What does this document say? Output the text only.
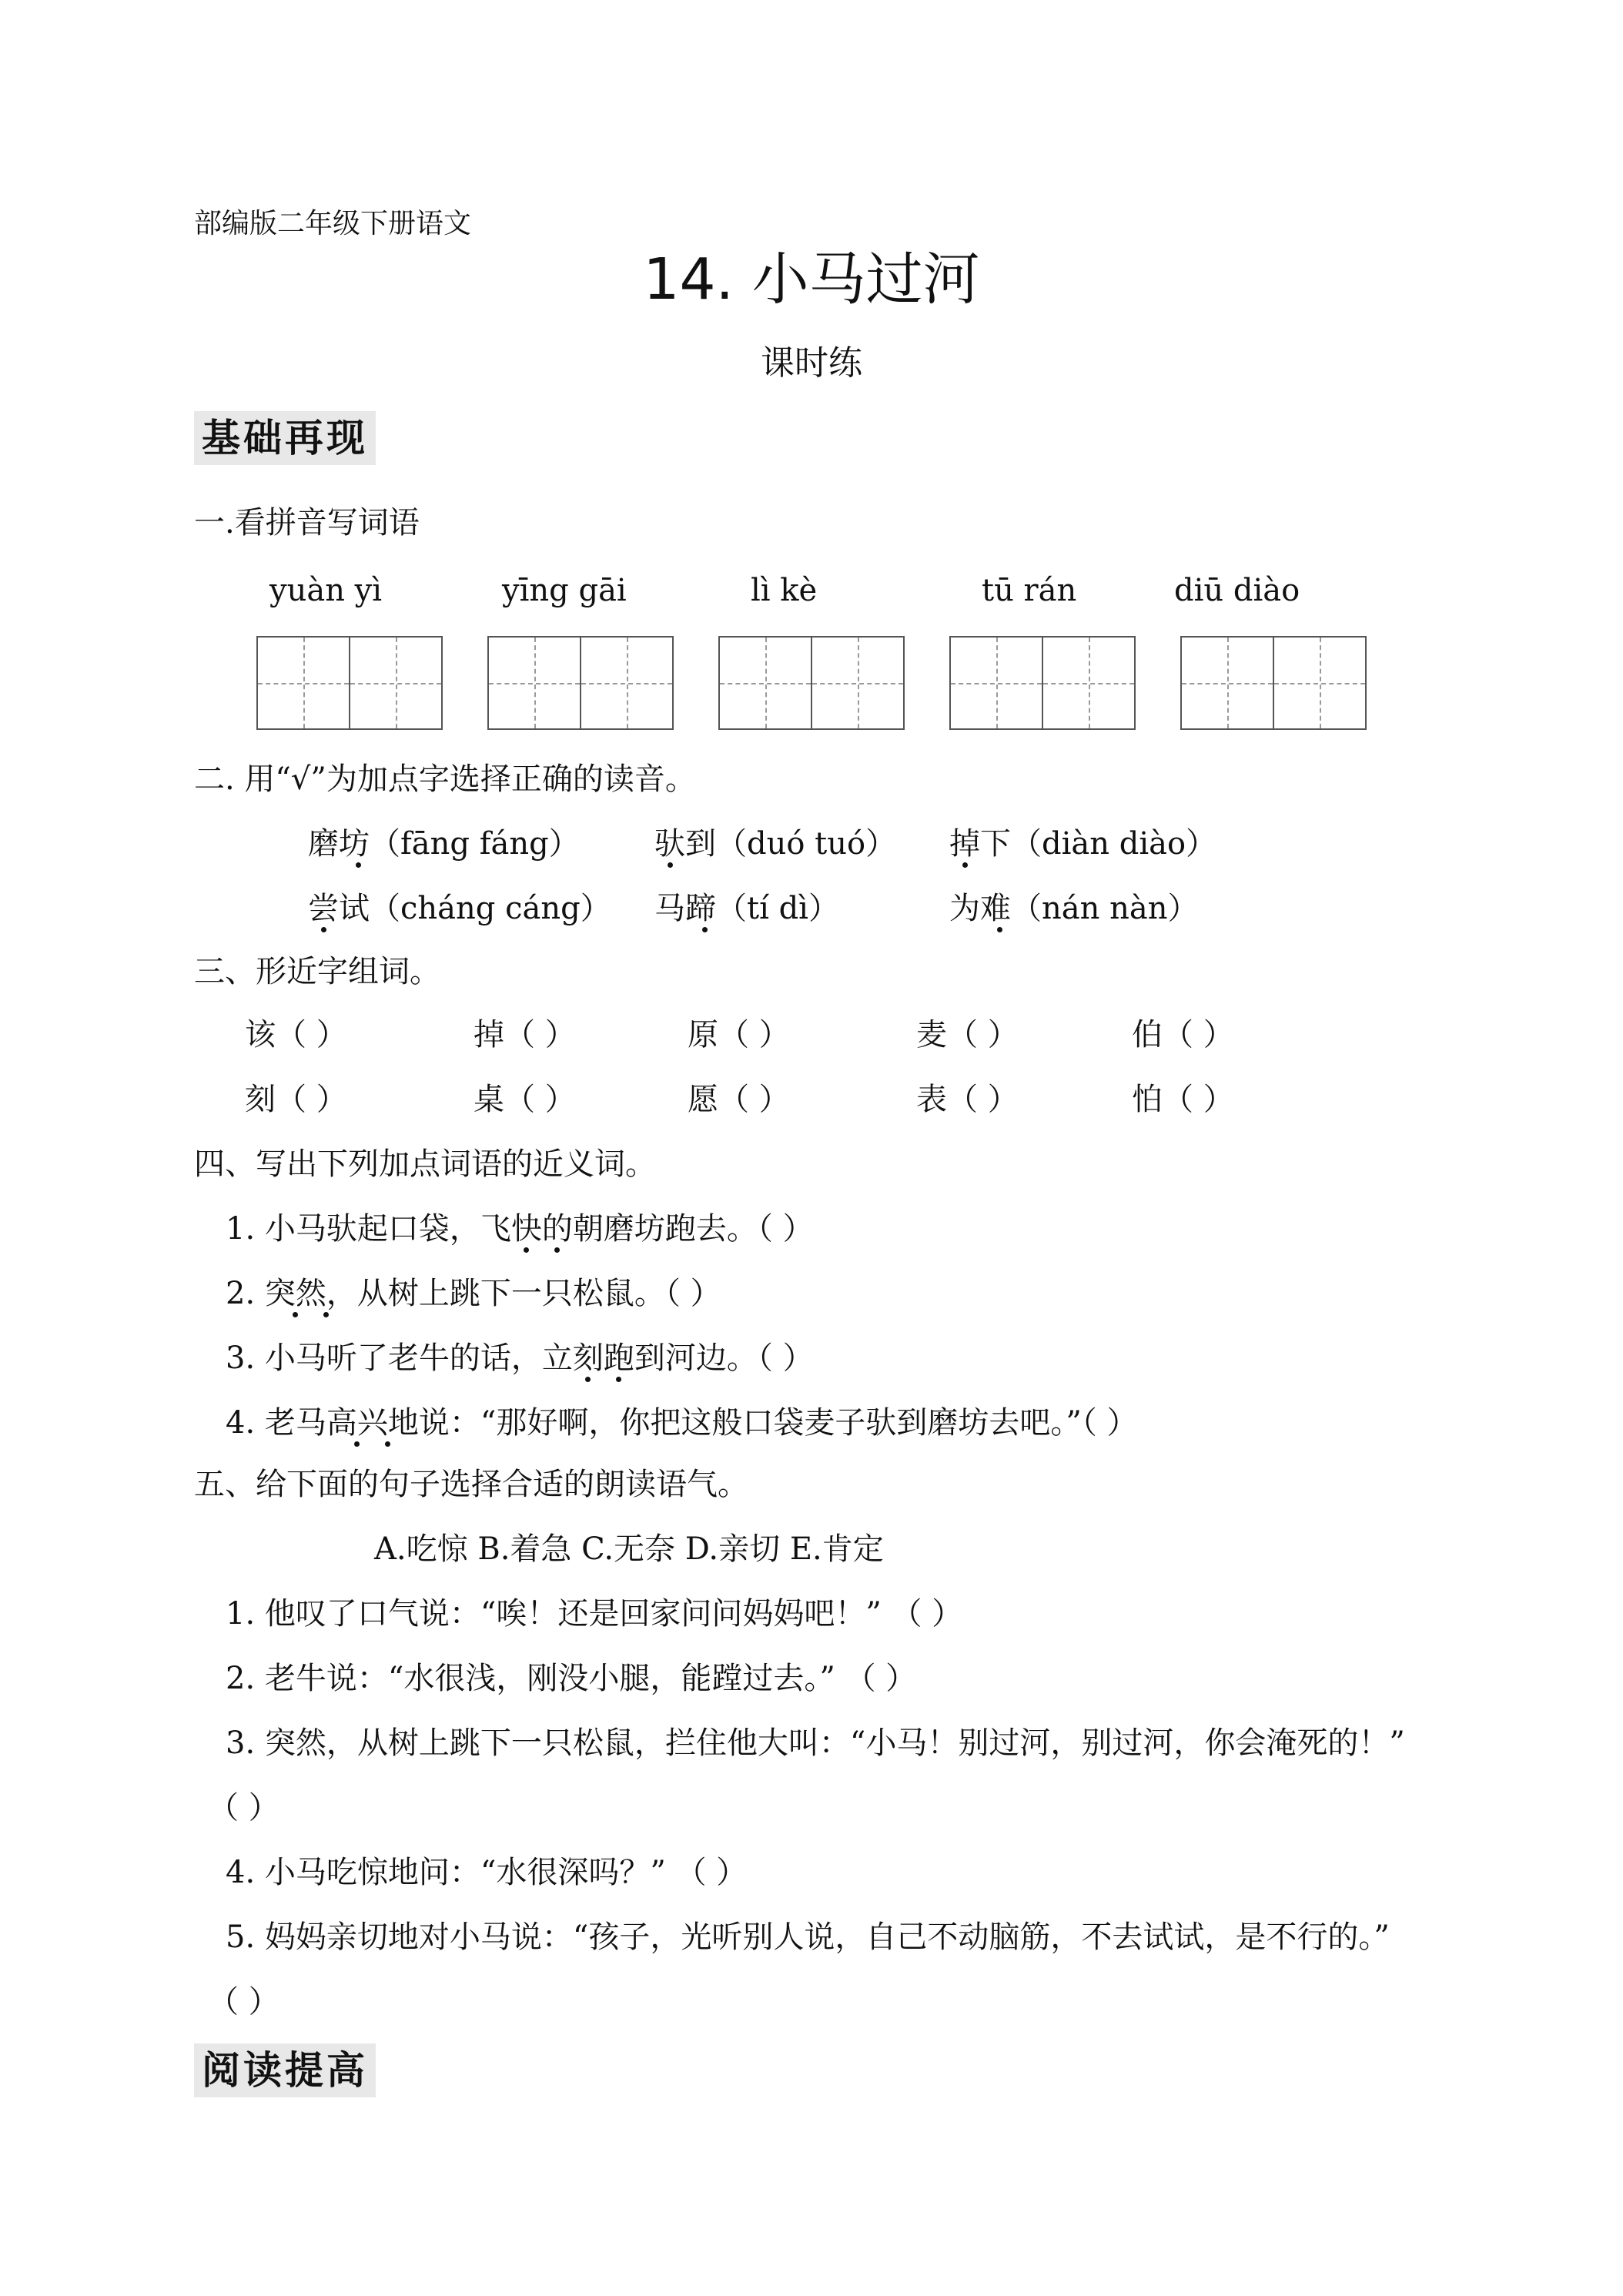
部编版二年级下册语文
14. 小马过河
课时练
基础再现
一.看拼音写词语
yuàn yì	yīng gāi	lì kè	tū rán	diū diào
二. 用“√”为加点字选择正确的读音。
磨坊（fāng fáng） 驮到（duó tuó） 掉下（diàn diào）
尝试（cháng cáng） 马蹄（tí dì）	为难（nán nàn）
三、形近字组词。
该（ ）	掉（ ）	原（ ）	麦（ ）	伯（ ）
刻（ ）	桌（ ）	愿（ ）	表（ ）	怕（ ）
四、写出下列加点词语的近义词。
1. 小马驮起口袋，飞快的朝磨坊跑去。（ ）
2. 突然，从树上跳下一只松鼠。（ ）
3. 小马听了老牛的话，立刻跑到河边。（ ）
4. 老马高兴地说：“那好啊，你把这般口袋麦子驮到磨坊去吧。”（ ）
五、给下面的句子选择合适的朗读语气。
A.吃惊 B.着急 C.无奈 D.亲切 E.肯定
1. 他叹了口气说：“唉！还是回家问问妈妈吧！” （ ）
2. 老牛说：“水很浅，刚没小腿，能蹚过去。” （ ）
3. 突然，从树上跳下一只松鼠，拦住他大叫：“小马！别过河，别过河，你会淹死的！”
（ ）
4. 小马吃惊地问：“水很深吗？” （ ）
5. 妈妈亲切地对小马说：“孩子，光听别人说，自己不动脑筋，不去试试，是不行的。”
（ ）
阅读提高
